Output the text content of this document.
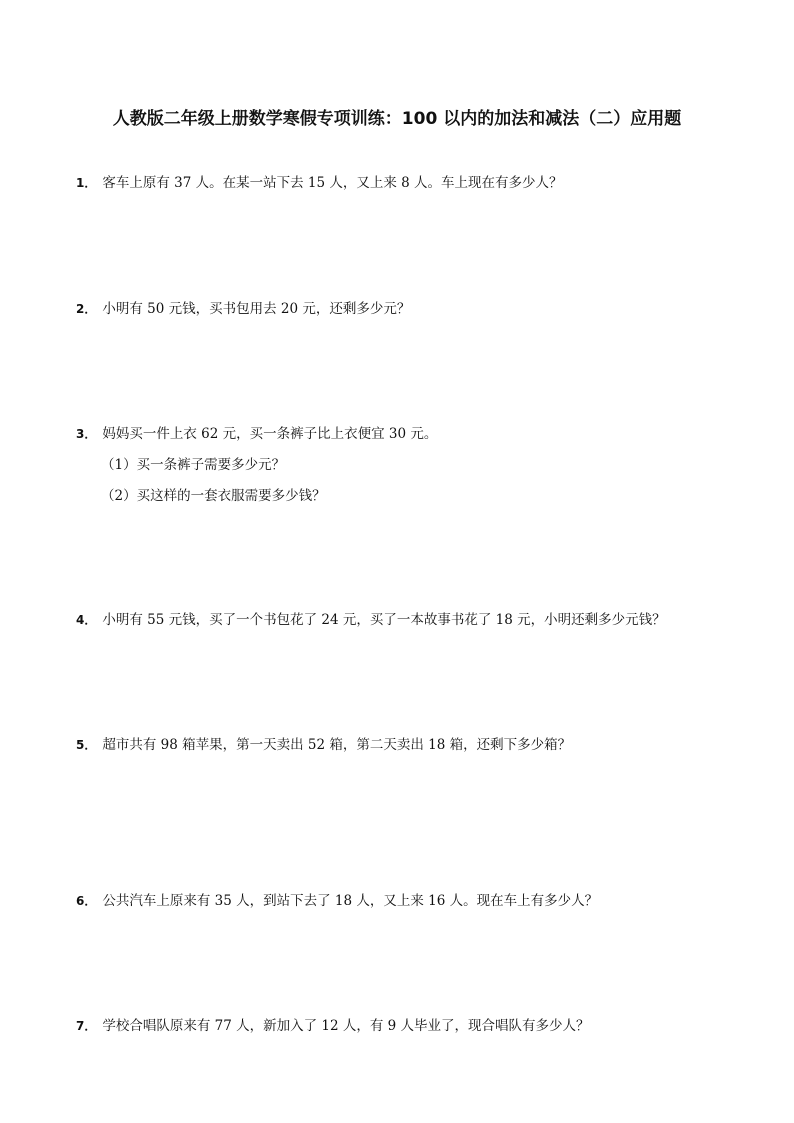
人教版二年级上册数学寒假专项训练：100 以内的加法和减法（二）应用题
1． 客车上原有 37 人。在某一站下去 15 人，又上来 8 人。车上现在有多少人？
2． 小明有 50 元钱，买书包用去 20 元，还剩多少元？
3． 妈妈买一件上衣 62 元，买一条裤子比上衣便宜 30 元。
（1）买一条裤子需要多少元？
（2）买这样的一套衣服需要多少钱？
4． 小明有 55 元钱，买了一个书包花了 24 元，买了一本故事书花了 18 元，小明还剩多少元钱？
5． 超市共有 98 箱苹果，第一天卖出 52 箱，第二天卖出 18 箱，还剩下多少箱？
6． 公共汽车上原来有 35 人，到站下去了 18 人，又上来 16 人。现在车上有多少人？
7． 学校合唱队原来有 77 人，新加入了 12 人，有 9 人毕业了，现合唱队有多少人？
